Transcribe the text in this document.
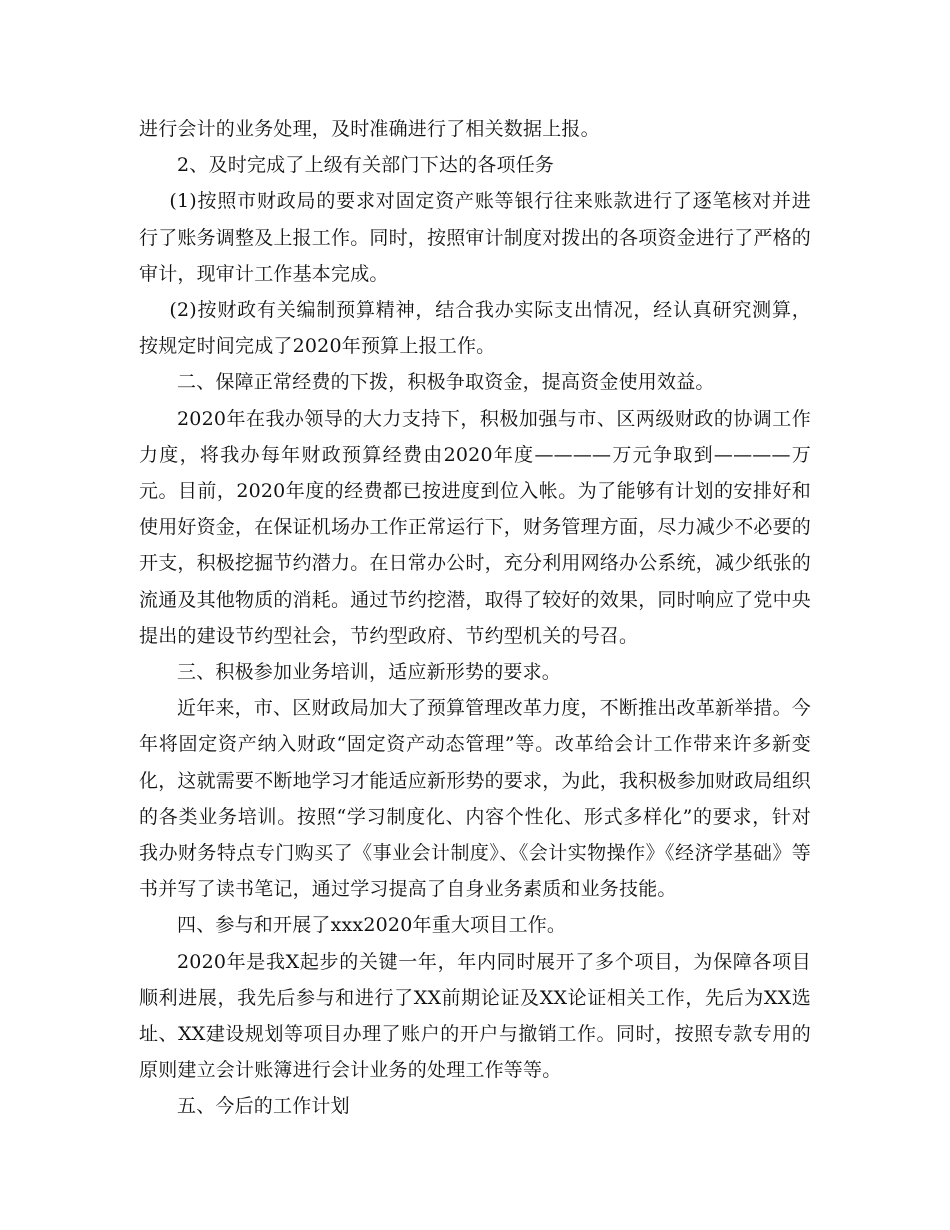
进行会计的业务处理，及时准确进行了相关数据上报。

2、及时完成了上级有关部门下达的各项任务

(1)按照市财政局的要求对固定资产账等银行往来账款进行了逐笔核对并进行了账务调整及上报工作。同时，按照审计制度对拨出的各项资金进行了严格的审计，现审计工作基本完成。

(2)按财政有关编制预算精神，结合我办实际支出情况，经认真研究测算，按规定时间完成了2020年预算上报工作。

二、保障正常经费的下拨，积极争取资金，提高资金使用效益。

2020年在我办领导的大力支持下，积极加强与市、区两级财政的协调工作力度，将我办每年财政预算经费由2020年度————万元争取到————万元。目前，2020年度的经费都已按进度到位入帐。为了能够有计划的安排好和使用好资金，在保证机场办工作正常运行下，财务管理方面，尽力减少不必要的开支，积极挖掘节约潜力。在日常办公时，充分利用网络办公系统，减少纸张的流通及其他物质的消耗。通过节约挖潜，取得了较好的效果，同时响应了党中央提出的建设节约型社会，节约型政府、节约型机关的号召。

三、积极参加业务培训，适应新形势的要求。

近年来，市、区财政局加大了预算管理改革力度，不断推出改革新举措。今年将固定资产纳入财政“固定资产动态管理”等。改革给会计工作带来许多新变化，这就需要不断地学习才能适应新形势的要求，为此，我积极参加财政局组织的各类业务培训。按照“学习制度化、内容个性化、形式多样化”的要求，针对我办财务特点专门购买了《事业会计制度》、《会计实物操作》《经济学基础》等书并写了读书笔记，通过学习提高了自身业务素质和业务技能。

四、参与和开展了xxx2020年重大项目工作。

2020年是我X起步的关键一年，年内同时展开了多个项目，为保障各项目顺利进展，我先后参与和进行了XX前期论证及XX论证相关工作，先后为XX选址、XX建设规划等项目办理了账户的开户与撤销工作。同时，按照专款专用的原则建立会计账簿进行会计业务的处理工作等等。

五、今后的工作计划
